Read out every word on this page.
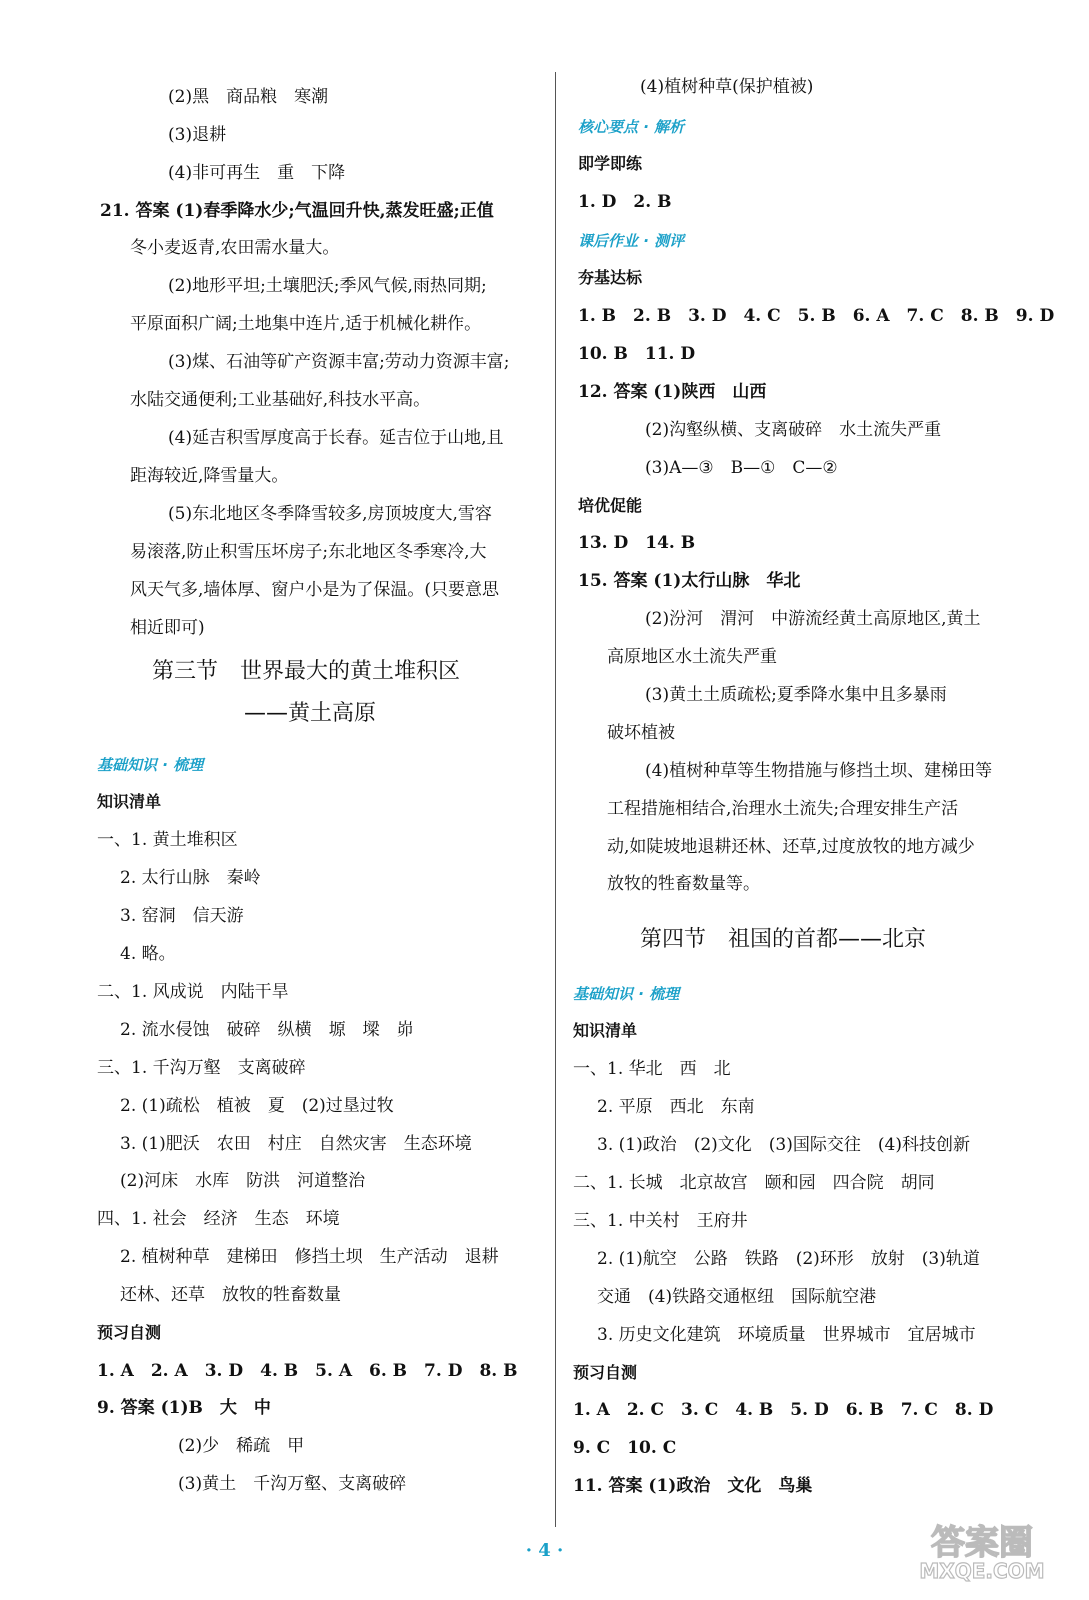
(2)黑　商品粮　寒潮
(3)退耕
(4)非可再生　重　下降
21. 答案 (1)春季降水少;气温回升快,蒸发旺盛;正值
冬小麦返青,农田需水量大。
(2)地形平坦;土壤肥沃;季风气候,雨热同期;
平原面积广阔;土地集中连片,适于机械化耕作。
(3)煤、石油等矿产资源丰富;劳动力资源丰富;
水陆交通便利;工业基础好,科技水平高。
(4)延吉积雪厚度高于长春。延吉位于山地,且
距海较近,降雪量大。
(5)东北地区冬季降雪较多,房顶坡度大,雪容
易滚落,防止积雪压坏房子;东北地区冬季寒冷,大
风天气多,墙体厚、窗户小是为了保温。(只要意思
相近即可)
第三节　世界最大的黄土堆积区
——黄土高原
基础知识 · 梳理
知识清单
一、1. 黄土堆积区
2. 太行山脉　秦岭
3. 窑洞　信天游
4. 略。
二、1. 风成说　内陆干旱
2. 流水侵蚀　破碎　纵横　塬　墚　峁
三、1. 千沟万壑　支离破碎
2. (1)疏松　植被　夏　(2)过垦过牧
3. (1)肥沃　农田　村庄　自然灾害　生态环境
(2)河床　水库　防洪　河道整治
四、1. 社会　经济　生态　环境
2. 植树种草　建梯田　修挡土坝　生产活动　退耕
还林、还草　放牧的牲畜数量
预习自测
1. A　2. A　3. D　4. B　5. A　6. B　7. D　8. B
9. 答案 (1)B　大　中
(2)少　稀疏　甲
(3)黄土　千沟万壑、支离破碎
(4)植树种草(保护植被)
核心要点 · 解析
即学即练
1. D　2. B
课后作业 · 测评
夯基达标
1. B　2. B　3. D　4. C　5. B　6. A　7. C　8. B　9. D
10. B　11. D
12. 答案 (1)陕西　山西
(2)沟壑纵横、支离破碎　水土流失严重
(3)A—③　B—①　C—②
培优促能
13. D　14. B
15. 答案 (1)太行山脉　华北
(2)汾河　渭河　中游流经黄土高原地区,黄土
高原地区水土流失严重
(3)黄土土质疏松;夏季降水集中且多暴雨
破坏植被
(4)植树种草等生物措施与修挡土坝、建梯田等
工程措施相结合,治理水土流失;合理安排生产活
动,如陡坡地退耕还林、还草,过度放牧的地方减少
放牧的牲畜数量等。
第四节　祖国的首都——北京
基础知识 · 梳理
知识清单
一、1. 华北　西　北
2. 平原　西北　东南
3. (1)政治　(2)文化　(3)国际交往　(4)科技创新
二、1. 长城　北京故宫　颐和园　四合院　胡同
三、1. 中关村　王府井
2. (1)航空　公路　铁路　(2)环形　放射　(3)轨道
交通　(4)铁路交通枢纽　国际航空港
3. 历史文化建筑　环境质量　世界城市　宜居城市
预习自测
1. A　2. C　3. C　4. B　5. D　6. B　7. C　8. D
9. C　10. C
11. 答案 (1)政治　文化　鸟巢
· 4 ·	答案圈
MXQE.COM
